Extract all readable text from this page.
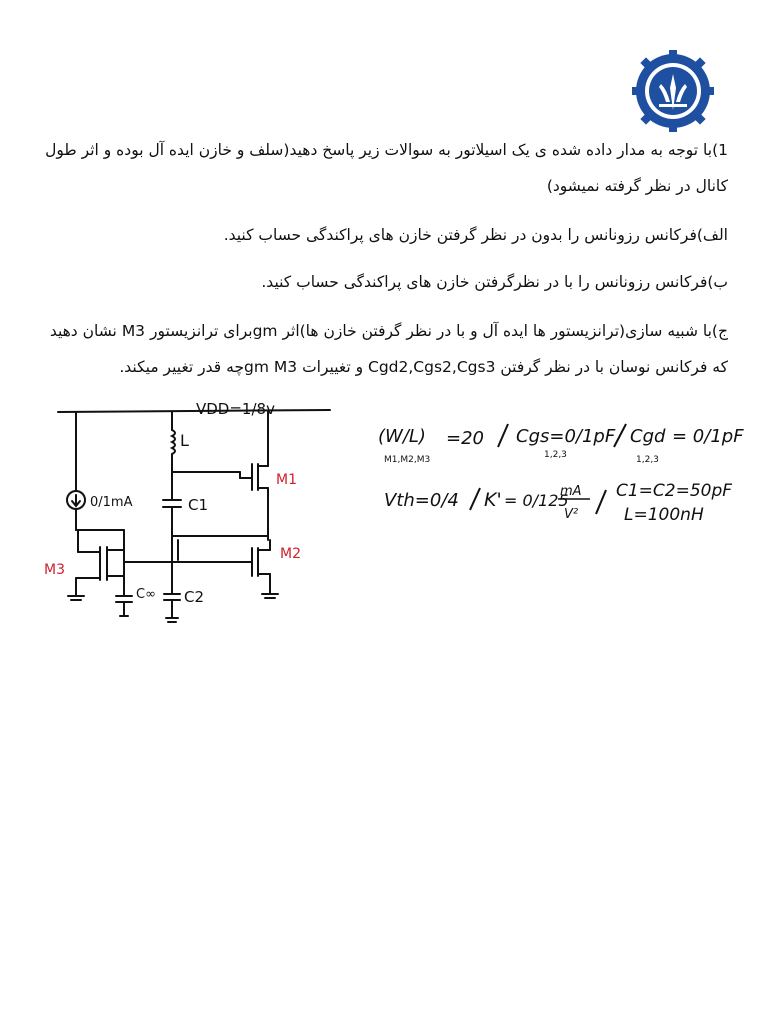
1)با توجه به مدار داده شده ی یک اسیلاتور به سوالات زیر پاسخ دهید(سلف و خازن ایده آل بوده و اثر طول
کانال در نظر گرفته نمیشود)
الف)فرکانس رزونانس را بدون در نظر گرفتن خازن های پراکندگی حساب کنید.
ب)فرکانس رزونانس را با در نظرگرفتن خازن های پراکندگی حساب کنید.
ج)با شبیه سازی(ترانزیستور ها ایده آل و با در نظر گرفتن خازن ها)اثر gmبرای ترانزیستور M3 نشان دهید
که فرکانس نوسان با در نظر گرفتن Cgd2,Cgs2,Cgs3 و تغییرات gm M3چه قدر تغییر میکند.
VDD=1/8v
L
0/1mA	C1
C2
C∞
M1
M2
M3
(W/L)
M1,M2,M3
=20 Cgs=0/1pF
1,2,3
Cgd
1,2,3
= 0/1pF
Vth=0/4 K' = 0/125
mA
V²
C1=C2=50pF
L=100nH
